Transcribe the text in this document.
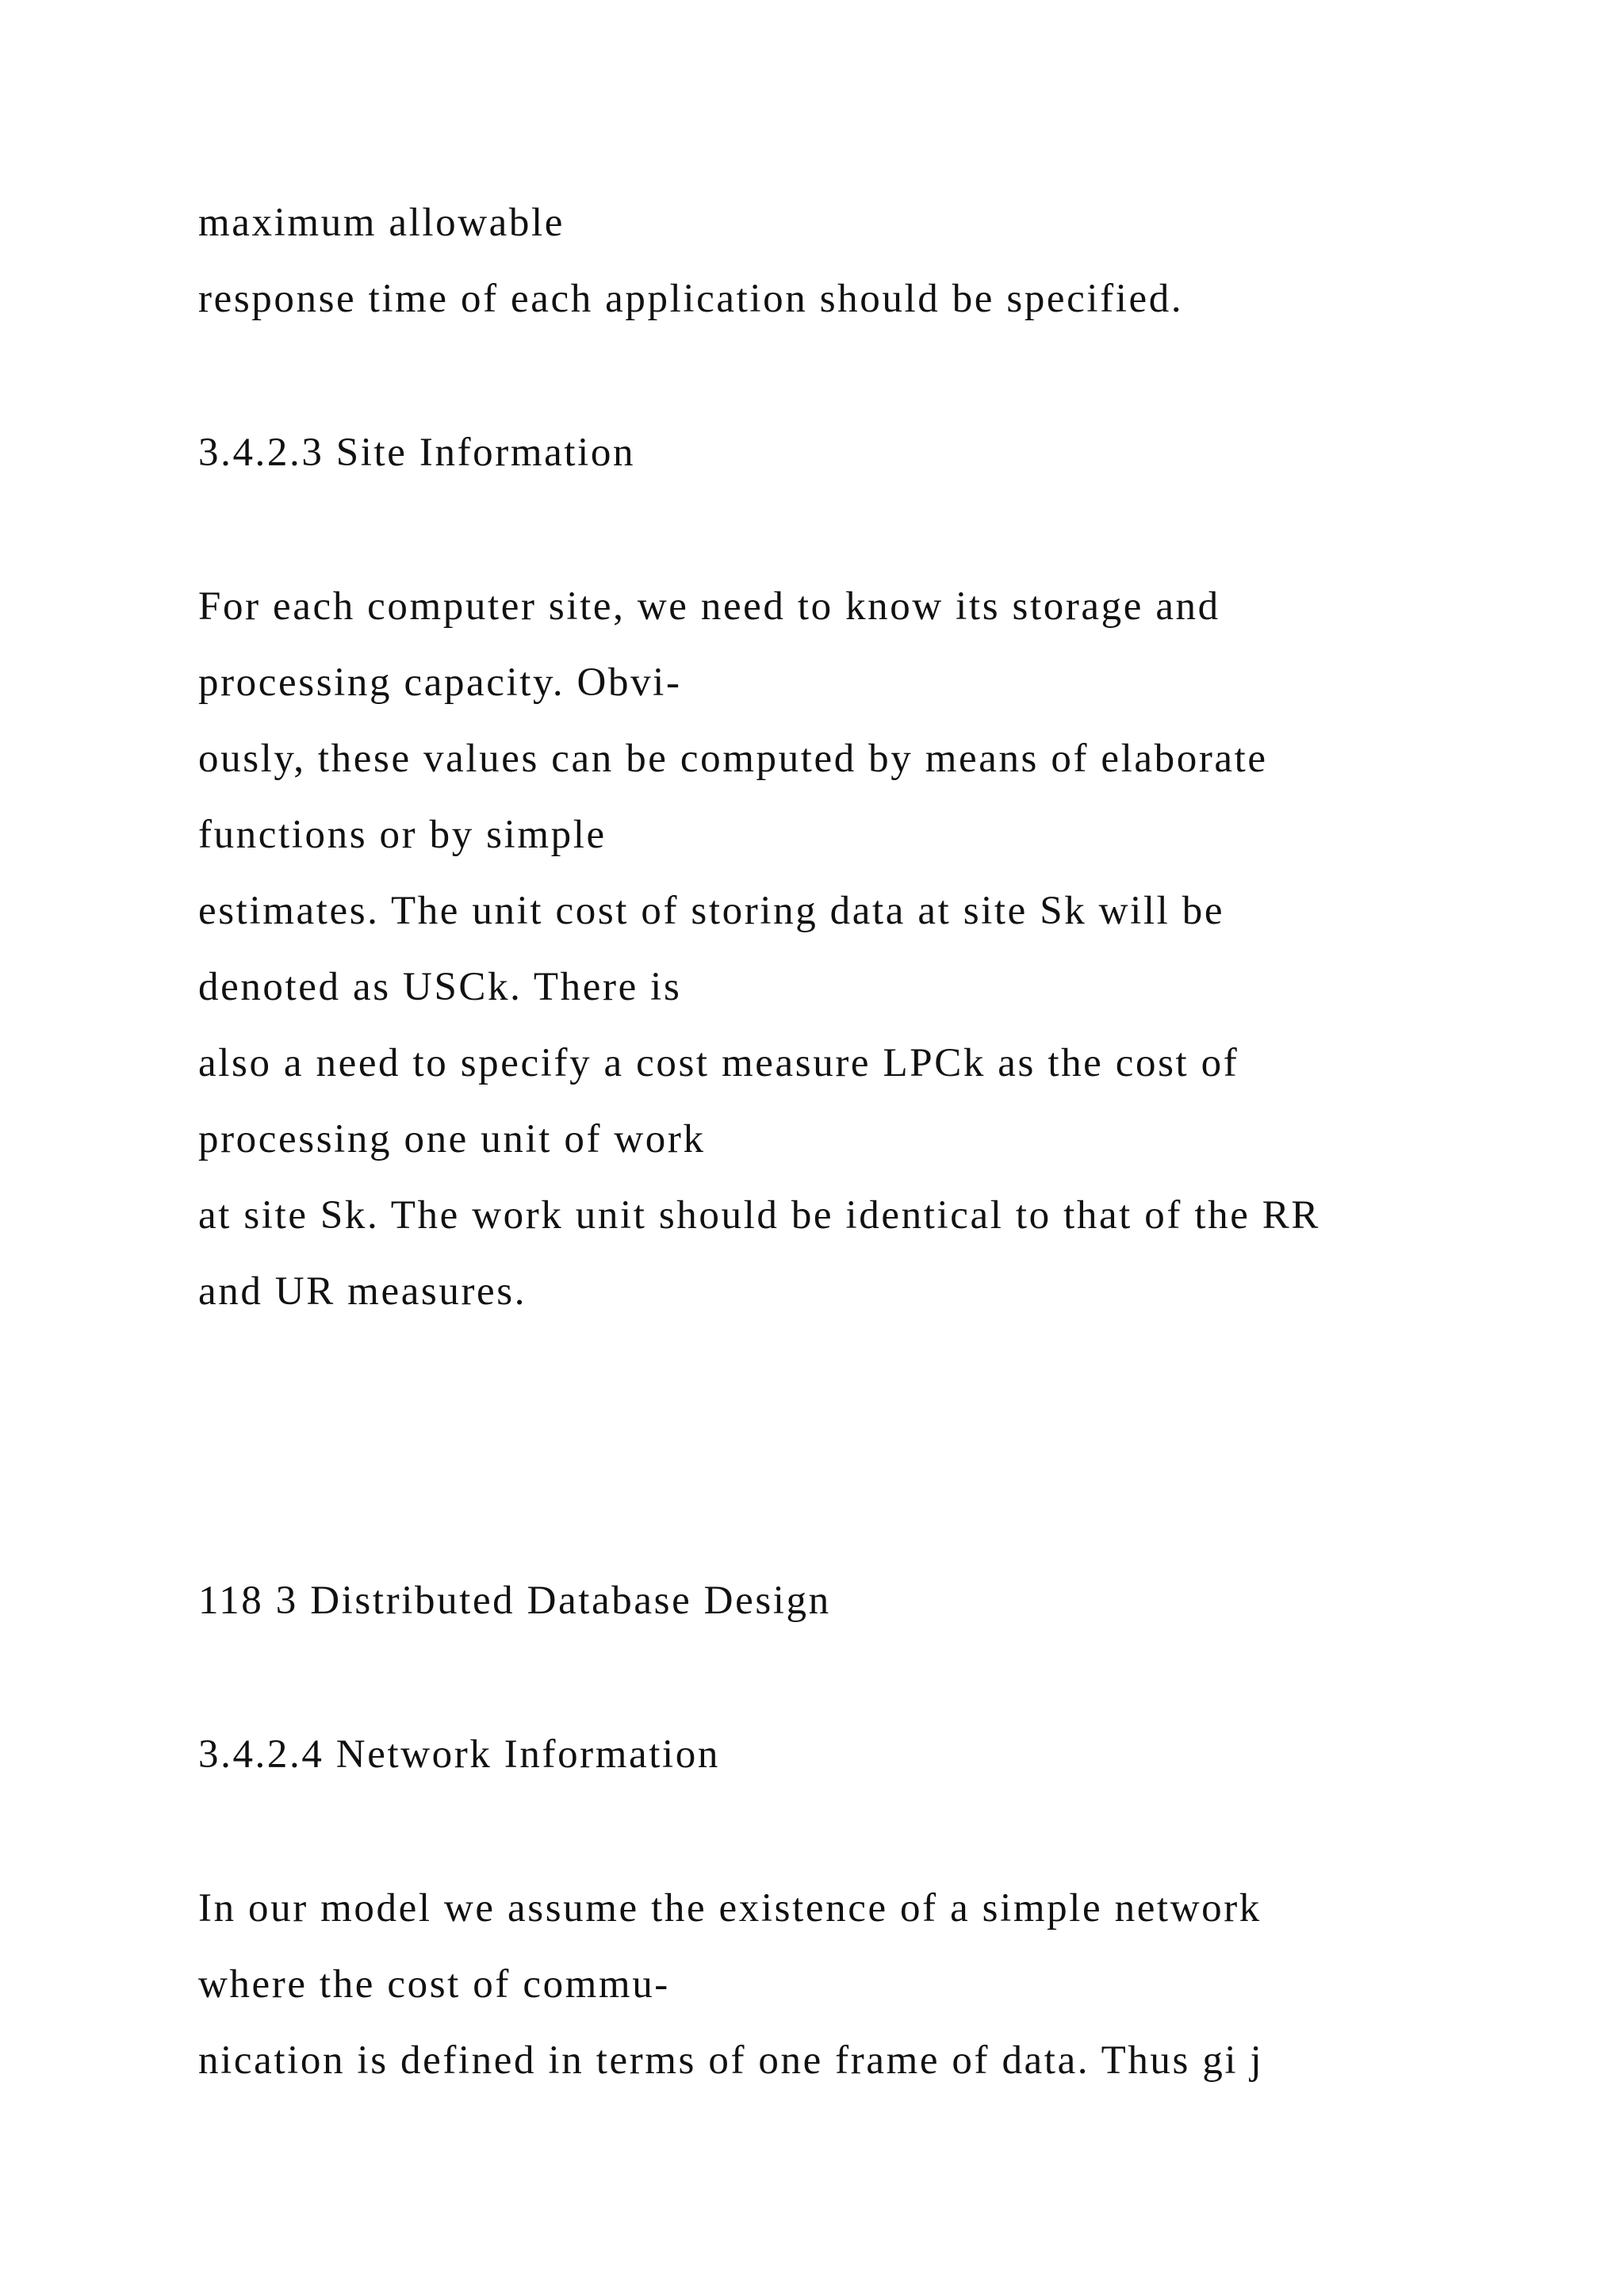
maximum allowable
response time of each application should be specified.
3.4.2.3 Site Information
For each computer site, we need to know its storage and
processing capacity. Obvi-
ously, these values can be computed by means of elaborate
functions or by simple
estimates. The unit cost of storing data at site Sk will be
denoted as USCk. There is
also a need to specify a cost measure LPCk as the cost of
processing one unit of work
at site Sk. The work unit should be identical to that of the RR
and UR measures.
118 3 Distributed Database Design
3.4.2.4 Network Information
In our model we assume the existence of a simple network
where the cost of commu-
nication is defined in terms of one frame of data. Thus gi j
